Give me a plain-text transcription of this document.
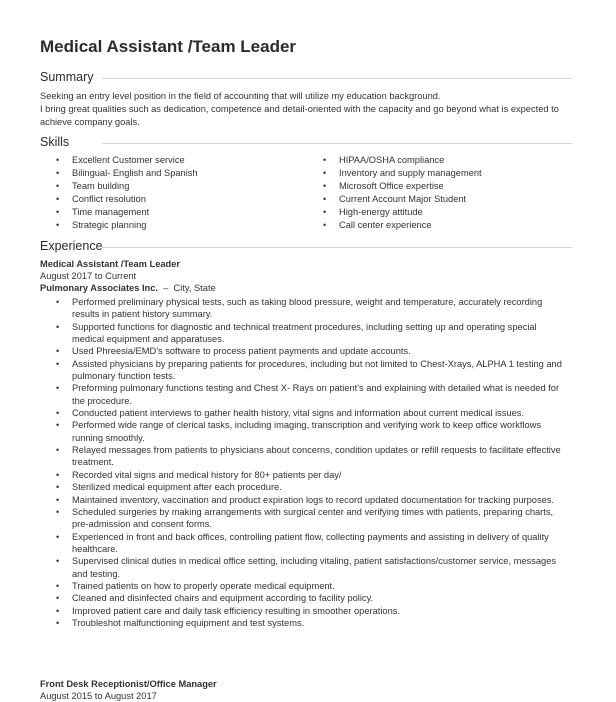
Medical Assistant /Team Leader
Summary

Seeking an entry level position in the field of accounting that will utilize my education background.

I bring great qualities such as dedication, competence and detail-oriented with the capacity and go beyond what is expected to achieve company goals.

Skills
• Excellent Customer service
• Bilingual- English and Spanish
• Team building
• Conflict resolution
• Time management
• Strategic planning
• HIPAA/OSHA compliance
• Inventory and supply management
• Microsoft Office expertise
• Current Account Major Student
• High-energy attitude
• Call center experience
Experience
Medical Assistant /Team Leader
August 2017 to Current
Pulmonary Associates Inc.  –  City, State
• Performed preliminary physical tests, such as taking blood pressure, weight and temperature, accurately recording results in patient history summary.
• Supported functions for diagnostic and technical treatment procedures, including setting up and operating special medical equipment and apparatuses.
• Used Phreesia/EMD's software to process patient payments and update accounts.
• Assisted physicians by preparing patients for procedures, including but not limited to Chest-Xrays, ALPHA 1 testing and pulmonary function tests.
• Preforming pulmonary functions testing and Chest X- Rays on patient's and explaining with detailed what is needed for the procedure.
• Conducted patient interviews to gather health history, vital signs and information about current medical issues.
• Performed wide range of clerical tasks, including imaging, transcription and verifying work to keep office workflows running smoothly.
• Relayed messages from patients to physicians about concerns, condition updates or refill requests to facilitate effective treatment.
• Recorded vital signs and medical history for 80+ patients per day/
• Sterilized medical equipment after each procedure.
• Maintained inventory, vaccination and product expiration logs to record updated documentation for tracking purposes.
• Scheduled surgeries by making arrangements with surgical center and verifying times with patients, preparing charts, pre-admission and consent forms.
• Experienced in front and back offices, controlling patient flow, collecting payments and assisting in delivery of quality healthcare.
• Supervised clinical duties in medical office setting, including vitaling, patient satisfactions/customer service, messages and testing.
• Trained patients on how to properly operate medical equipment.
• Cleaned and disinfected chairs and equipment according to facility policy.
• Improved patient care and daily task efficiency resulting in smoother operations.
• Troubleshot malfunctioning equipment and test systems.
Front Desk Receptionist/Office Manager
August 2015 to August 2017
